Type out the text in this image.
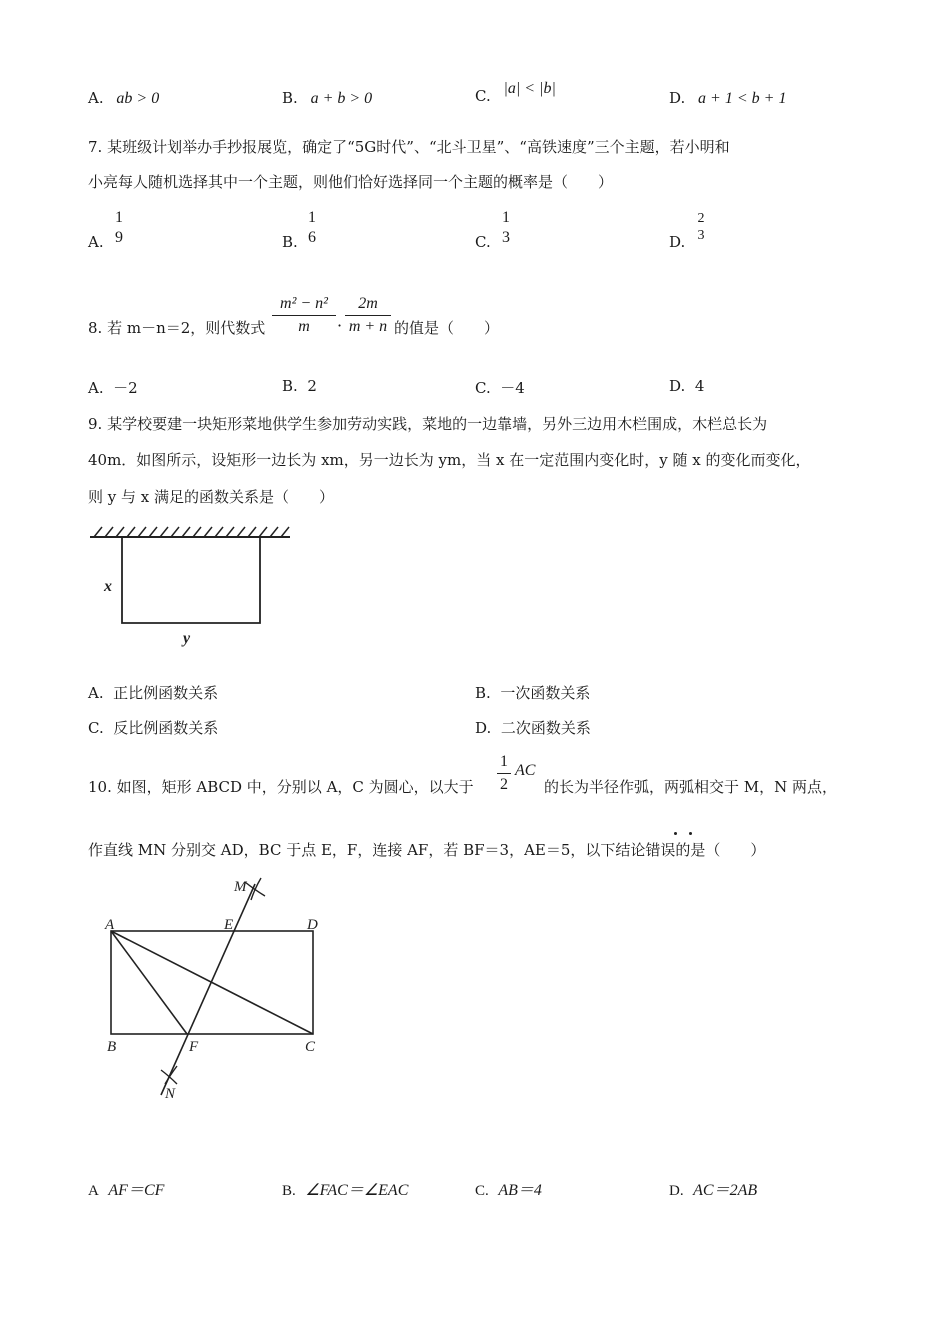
A. ab > 0	B. a + b > 0	C. |a| < |b|
D. a + 1 < b + 1
7. 某班级计划举办手抄报展览，确定了“5G时代”、“北斗卫星”、“高铁速度”三个主题，若小明和
小亮每人随机选择其中一个主题，则他们恰好选择同一个主题的概率是（　　）
A.
1
9	B.
1
6	C.
1
3	D.
2
3
8. 若 m－n＝2，则代数式
m² − n²
m	·
2m
m + n 的值是（　　）
A. －2	B. 2	C. －4	D. 4
9. 某学校要建一块矩形菜地供学生参加劳动实践，菜地的一边靠墙，另外三边用木栏围成，木栏总长为
40m．如图所示，设矩形一边长为 xm，另一边长为 ym，当 x 在一定范围内变化时，y 随 x 的变化而变化，
则 y 与 x 满足的函数关系是（　　）
x
y
A. 正比例函数关系	B. 一次函数关系
C. 反比例函数关系	D. 二次函数关系
10. 如图，矩形 ABCD 中，分别以 A，C 为圆心，以大于
1
2
AC
的长为半径作弧，两弧相交于 M，N 两点，
作直线 MN 分别交 AD，BC 于点 E，F，连接 AF，若 BF＝3，AE＝5，以下结论错误的是（　　）
A	D
E
B	F	C
M
N
A AF＝CF	B. ∠FAC＝∠EAC	C. AB＝4	D. AC＝2AB
